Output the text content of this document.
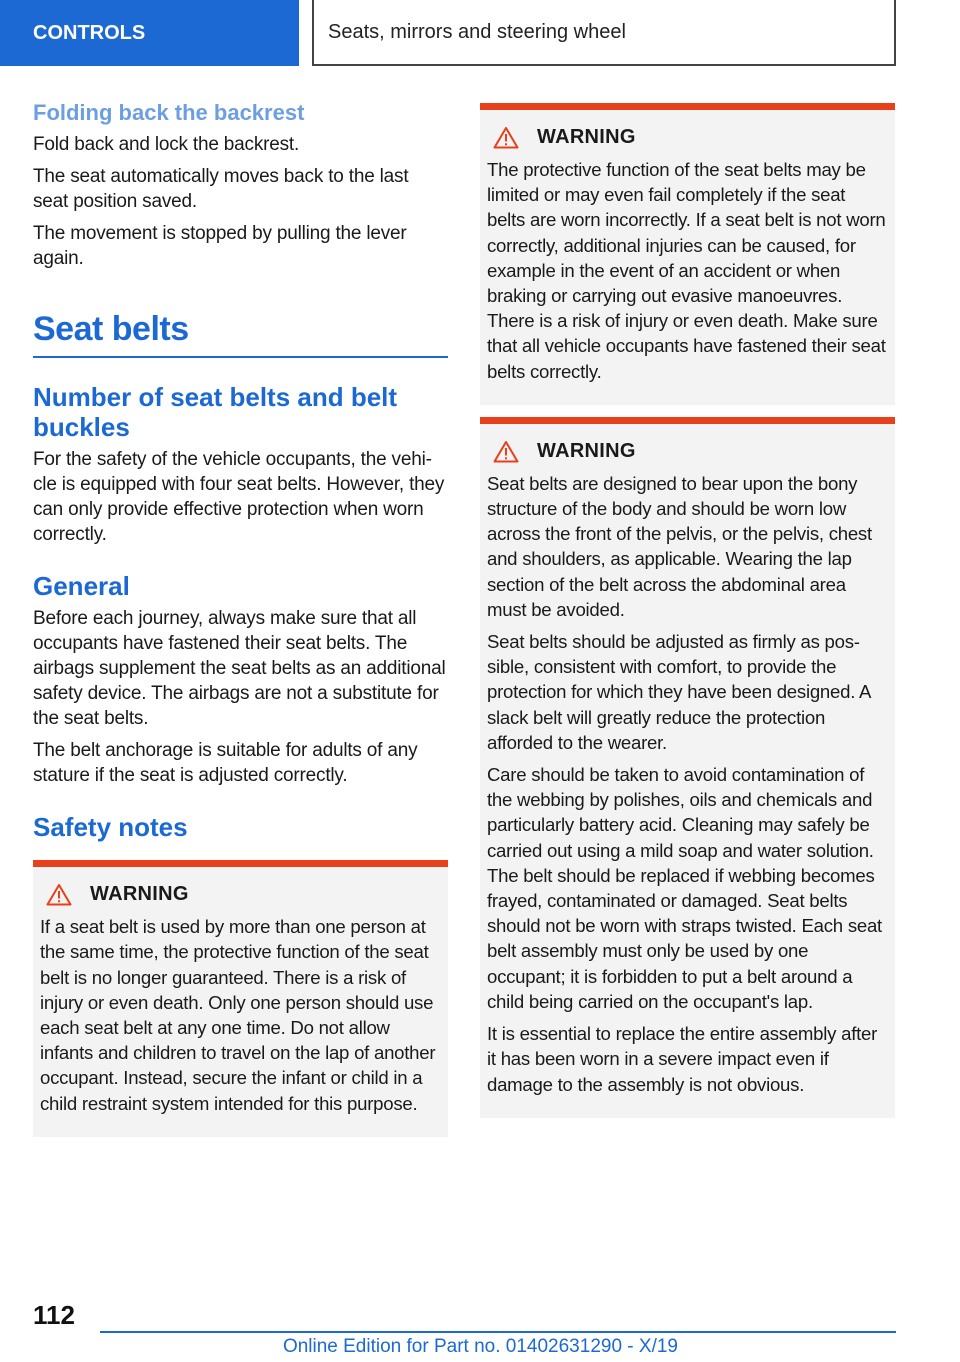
CONTROLS	Seats, mirrors and steering wheel
Folding back the backrest

Fold back and lock the backrest.

The seat automatically moves back to the last seat position saved.

The movement is stopped by pulling the lever again.

Seat belts
Number of seat belts and belt buckles

For the safety of the vehicle occupants, the vehicle is equipped with four seat belts. However, they can only provide effective protection when worn correctly.

General

Before each journey, always make sure that all occupants have fastened their seat belts. The airbags supplement the seat belts as an additional safety device. The airbags are not a substitute for the seat belts.

The belt anchorage is suitable for adults of any stature if the seat is adjusted correctly.

Safety notes
WARNING

If a seat belt is used by more than one person at the same time, the protective function of the seat belt is no longer guaranteed. There is a risk of injury or even death. Only one person should use each seat belt at any one time. Do not allow infants and children to travel on the lap of another occupant. Instead, secure the infant or child in a child restraint system intended for this purpose.

WARNING

The protective function of the seat belts may be limited or may even fail completely if the seat belts are worn incorrectly. If a seat belt is not worn correctly, additional injuries can be caused, for example in the event of an accident or when braking or carrying out evasive manoeuvres. There is a risk of injury or even death. Make sure that all vehicle occupants have fastened their seat belts correctly.

WARNING

Seat belts are designed to bear upon the bony structure of the body and should be worn low across the front of the pelvis, or the pelvis, chest and shoulders, as applicable. Wearing the lap section of the belt across the abdominal area must be avoided.

Seat belts should be adjusted as firmly as possible, consistent with comfort, to provide the protection for which they have been designed. A slack belt will greatly reduce the protection afforded to the wearer.

Care should be taken to avoid contamination of the webbing by polishes, oils and chemicals and particularly battery acid. Cleaning may safely be carried out using a mild soap and water solution. The belt should be replaced if webbing becomes frayed, contaminated or damaged. Seat belts should not be worn with straps twisted. Each seat belt assembly must only be used by one occupant; it is forbidden to put a belt around a child being carried on the occupant's lap.

It is essential to replace the entire assembly after it has been worn in a severe impact even if damage to the assembly is not obvious.

112
Online Edition for Part no. 01402631290 - X/19
